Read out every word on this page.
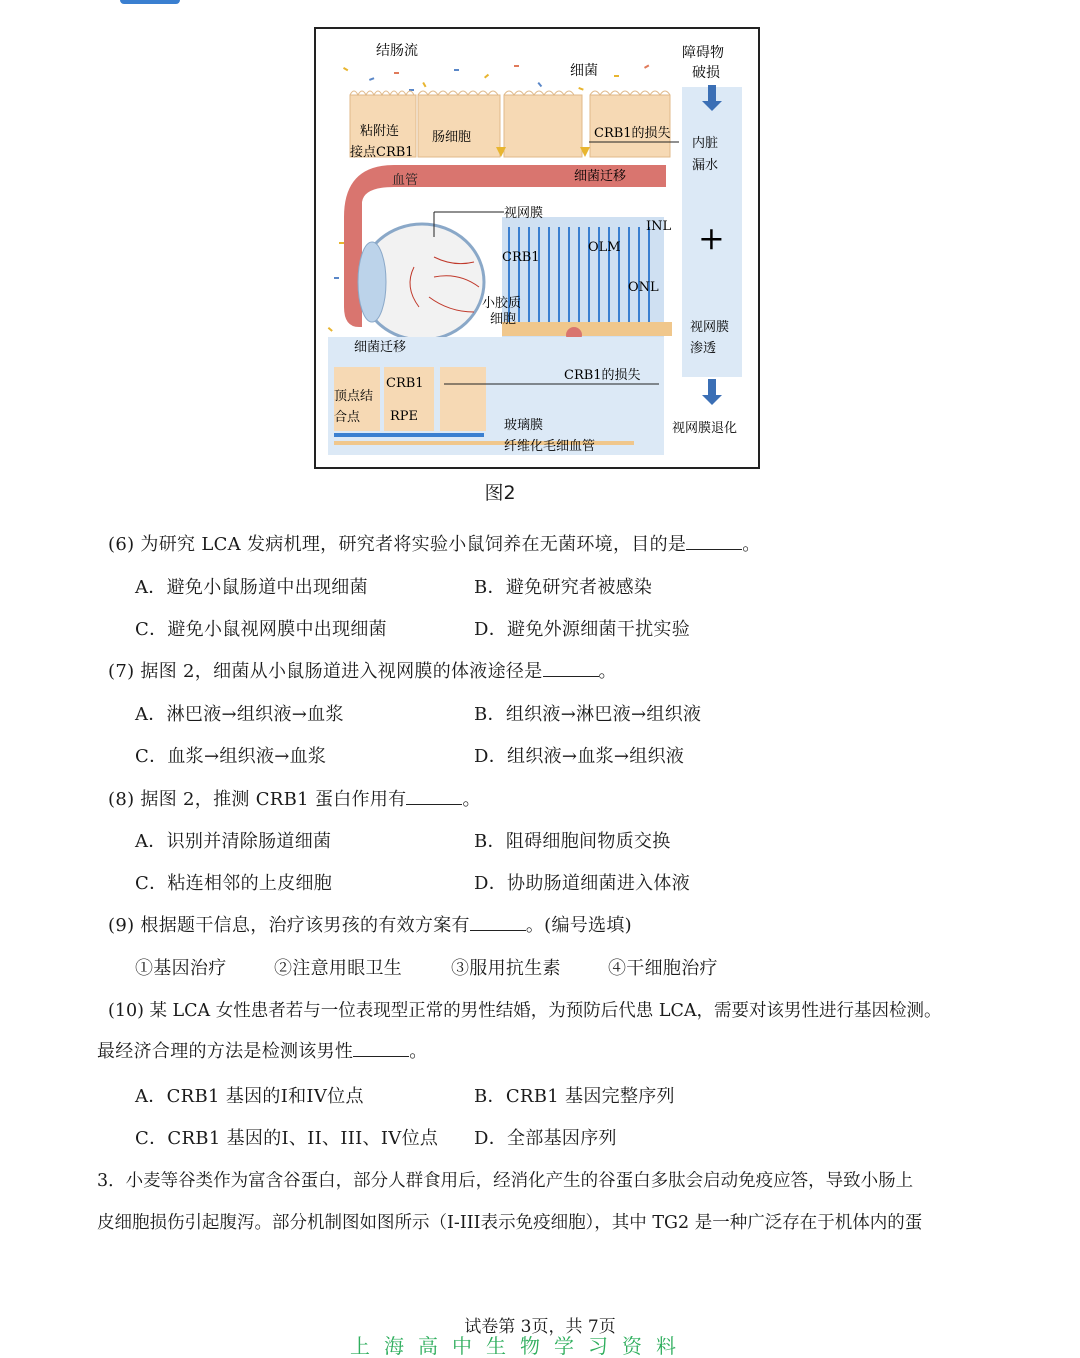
结肠流
细菌
障碍物
破损
粘附连
接点CRB1
肠细胞	CRB1的损失
内脏
漏水
血管	细菌迁移
视网膜
INL
OLM
CRB1
ONL
+
小胶质
细胞
视网膜
渗透
细菌迁移
CRB1
顶点结
合点 RPE
CRB1的损失
视网膜退化
玻璃膜
纤维化毛细血管
图2
(6) 为研究 LCA 发病机理，研究者将实验小鼠饲养在无菌环境，目的是	。
A．避免小鼠肠道中出现细菌	B．避免研究者被感染
C．避免小鼠视网膜中出现细菌	D．避免外源细菌干扰实验
(7) 据图 2，细菌从小鼠肠道进入视网膜的体液途径是	。
A．淋巴液→组织液→血浆	B．组织液→淋巴液→组织液
C．血浆→组织液→血浆	D．组织液→血浆→组织液
(8) 据图 2，推测 CRB1 蛋白作用有	。
A．识别并清除肠道细菌	B．阻碍细胞间物质交换
C．粘连相邻的上皮细胞	D．协助肠道细菌进入体液
(9) 根据题干信息，治疗该男孩的有效方案有	。(编号选填)
①基因治疗	②注意用眼卫生	③服用抗生素	④干细胞治疗
(10) 某 LCA 女性患者若与一位表现型正常的男性结婚，为预防后代患 LCA，需要对该男性进行基因检测。
最经济合理的方法是检测该男性	。
A．CRB1 基因的I和IV位点	B．CRB1 基因完整序列
C．CRB1 基因的I、II、III、IV位点 D．全部基因序列
3．小麦等谷类作为富含谷蛋白，部分人群食用后，经消化产生的谷蛋白多肽会启动免疫应答，导致小肠上
皮细胞损伤引起腹泻。部分机制图如图所示（I-III表示免疫细胞），其中 TG2 是一种广泛存在于机体内的蛋
试卷第 3页，共 7页
上海高中生物学习资料
